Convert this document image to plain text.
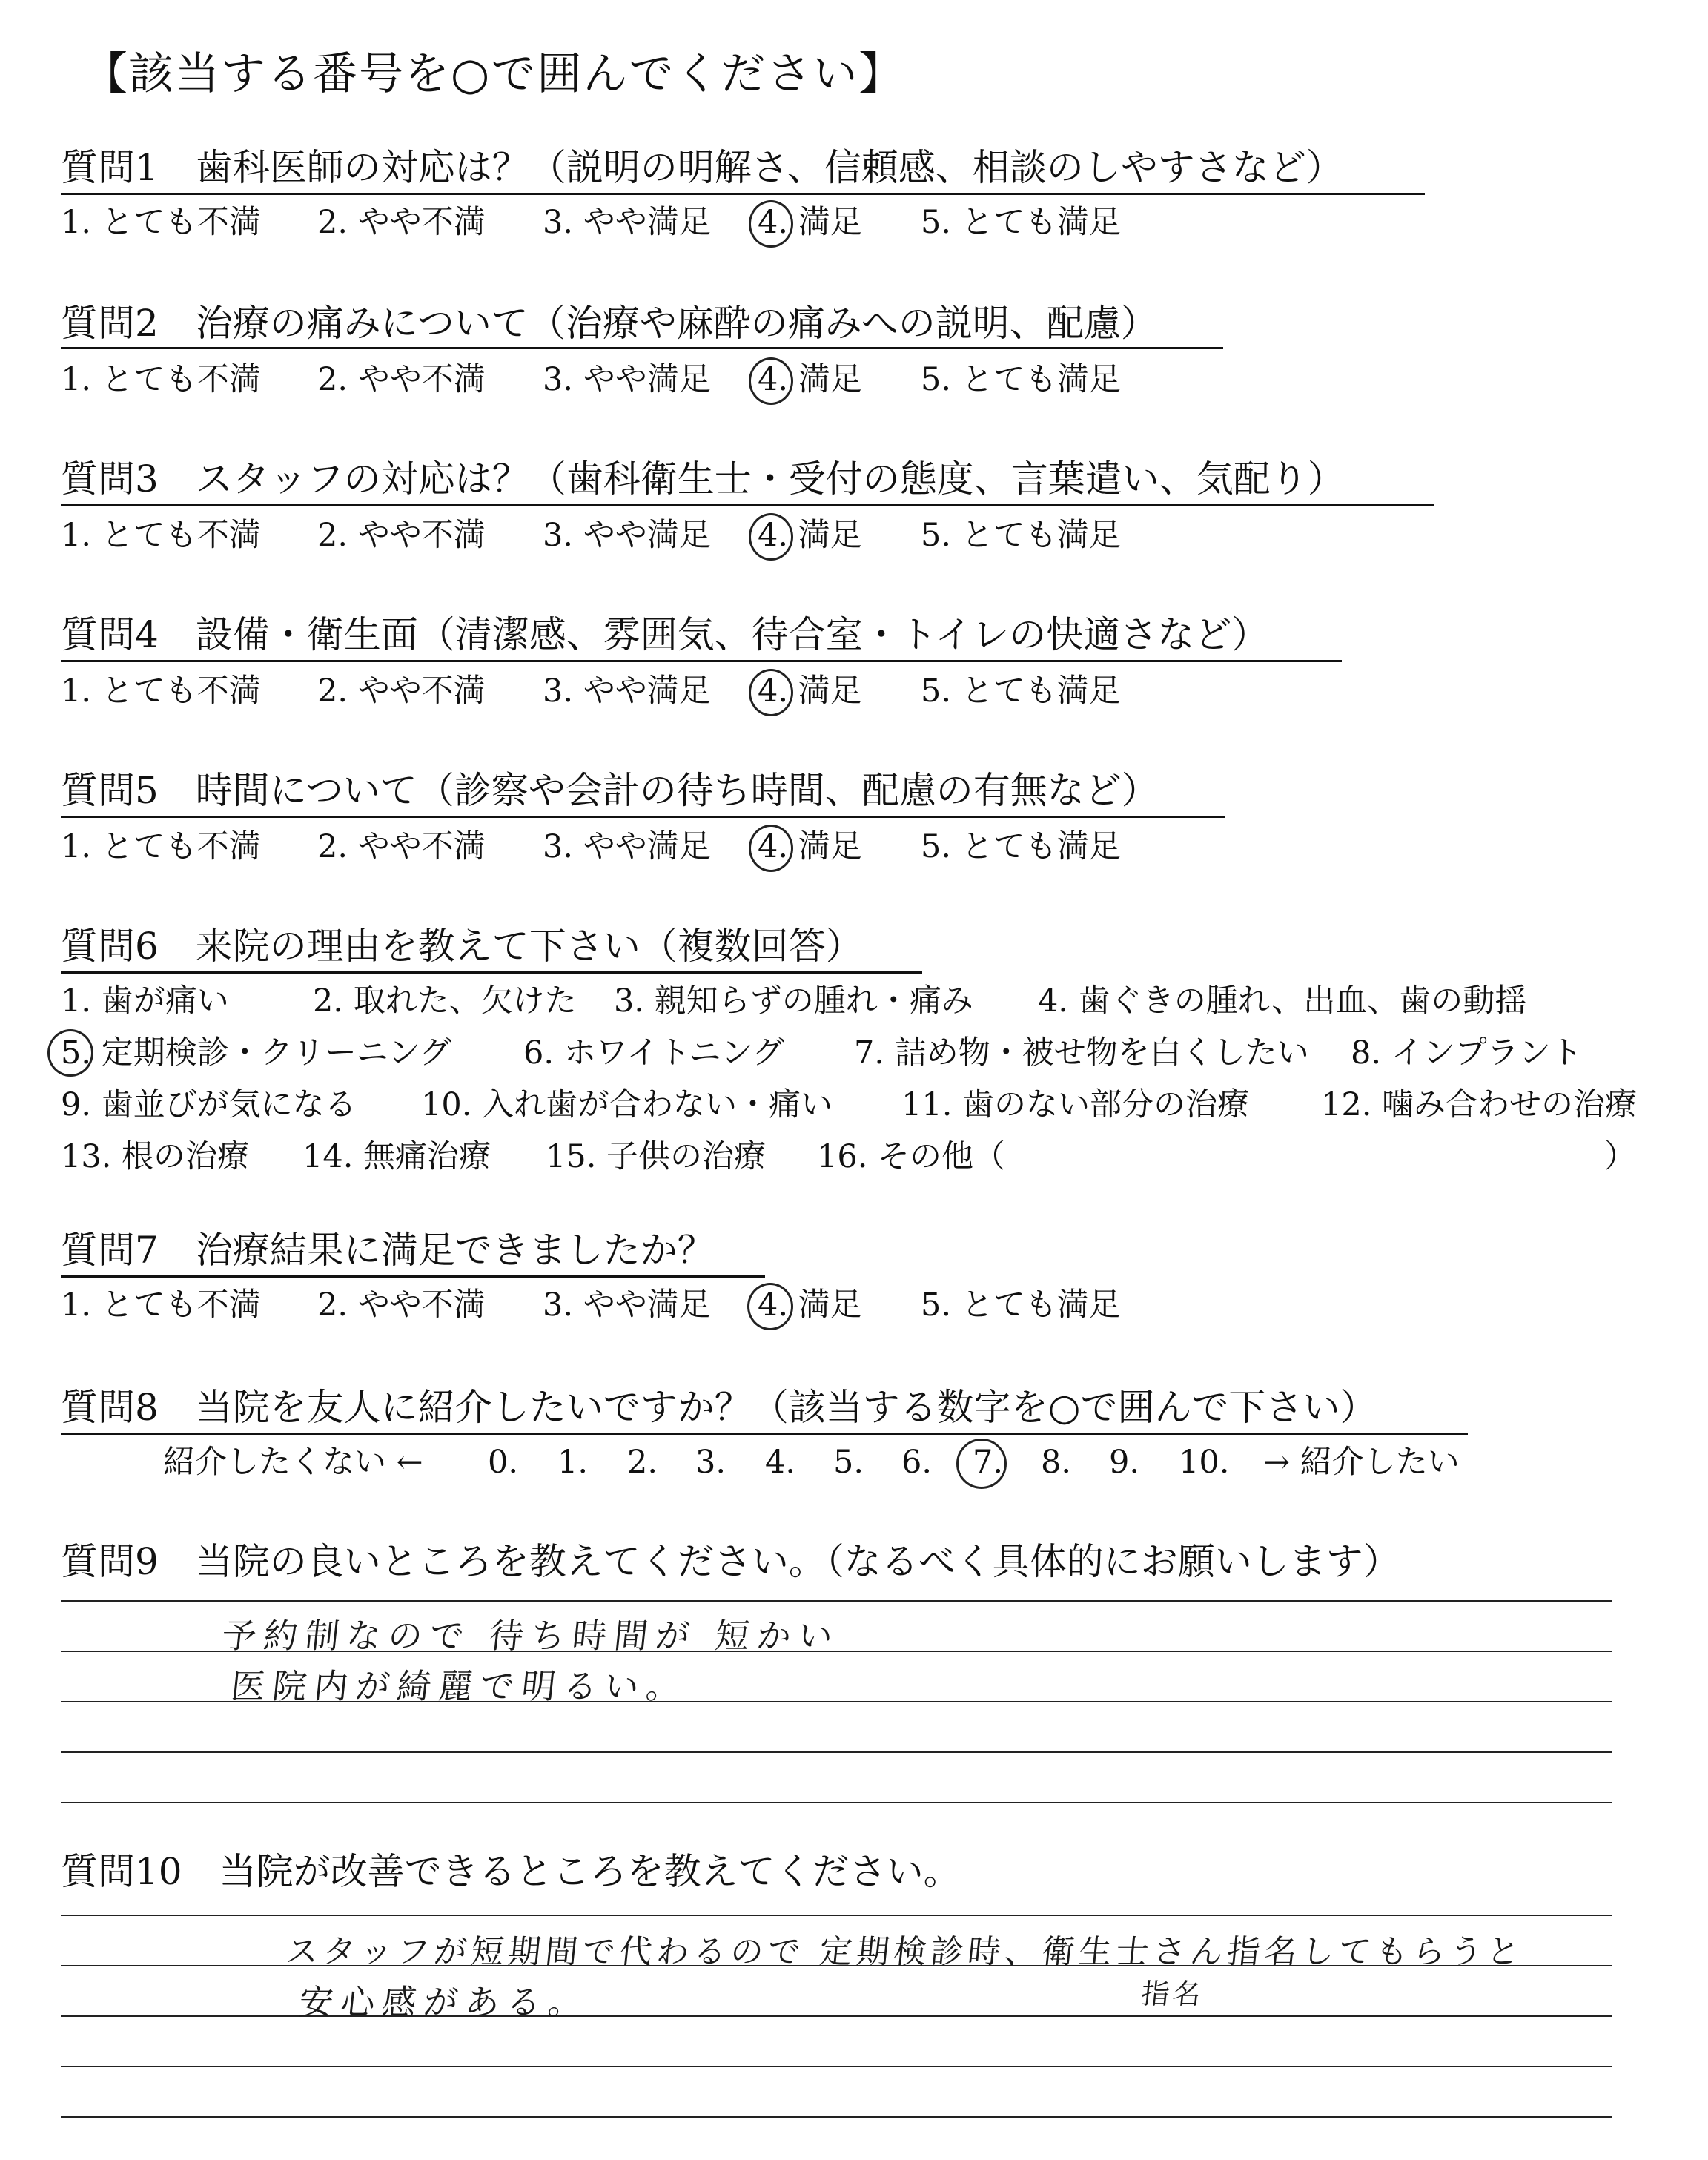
【該当する番号を○で囲んでください】
質問1　歯科医師の対応は？（説明の明解さ、信頼感、相談のしやすさなど）
1. とても不満 2. やや不満 3. やや満足 4. 満足 5. とても満足
質問2　治療の痛みについて（治療や麻酔の痛みへの説明、配慮）
1. とても不満 2. やや不満 3. やや満足 4. 満足 5. とても満足
質問3　スタッフの対応は？（歯科衛生士・受付の態度、言葉遣い、気配り）
1. とても不満 2. やや不満 3. やや満足 4. 満足 5. とても満足
質問4　設備・衛生面（清潔感、雰囲気、待合室・トイレの快適さなど）
1. とても不満 2. やや不満 3. やや満足 4. 満足 5. とても満足
質問5　時間について（診察や会計の待ち時間、配慮の有無など）
1. とても不満 2. やや不満 3. やや満足 4. 満足 5. とても満足
質問6　来院の理由を教えて下さい（複数回答）
1. 歯が痛い	2. 取れた、欠けた 3. 親知らずの腫れ・痛み 4. 歯ぐきの腫れ、出血、歯の動揺
5. 定期検診・クリーニング 6. ホワイトニング 7. 詰め物・被せ物を白くしたい 8. インプラント
9. 歯並びが気になる 10. 入れ歯が合わない・痛い 11. 歯のない部分の治療 12. 噛み合わせの治療
13. 根の治療 14. 無痛治療 15. 子供の治療 16. その他（	）
質問7　治療結果に満足できましたか？
1. とても不満 2. やや不満 3. やや満足 4. 満足 5. とても満足
質問8　当院を友人に紹介したいですか？（該当する数字を○で囲んで下さい）
紹介したくない ← 0. 1. 2. 3. 4. 5. 6. 7. 8. 9. 10. → 紹介したい
質問9　当院の良いところを教えてください。（なるべく具体的にお願いします）
予約制なので 待ち時間が 短かい
医院内が綺麗で明るい。
質問10　当院が改善できるところを教えてください。
スタッフが短期間で代わるので 定期検診時、衛生士さん指名してもらうと
安心感がある。	指名
